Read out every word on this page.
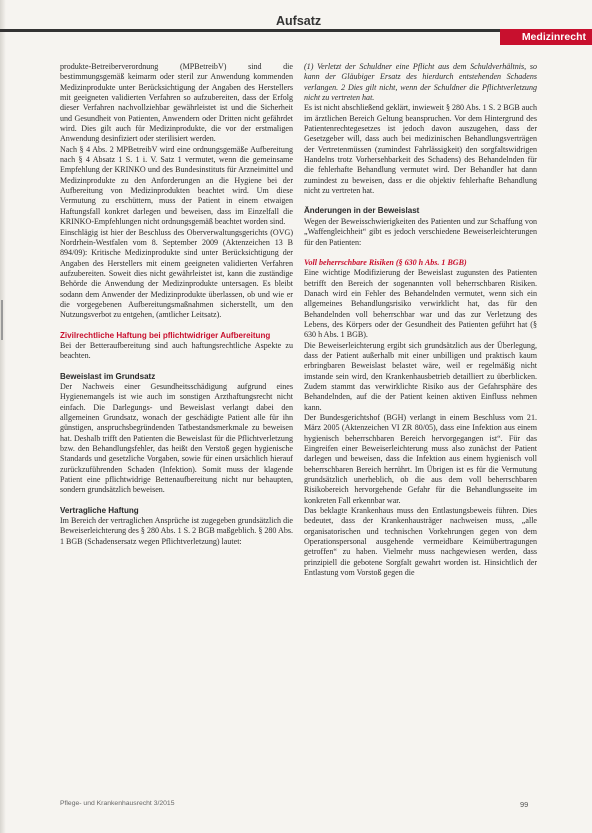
Aufsatz
Medizinrecht

produkte-Betreiberverordnung (MPBetreibV) sind die bestimmungsgemäß keimarm oder steril zur Anwendung kommenden Medizinprodukte unter Berücksichtigung der Angaben des Herstellers mit geeigneten validierten Verfahren so aufzubereiten, dass der Erfolg dieser Verfahren nachvollziehbar gewährleistet ist und die Sicherheit und Gesundheit von Patienten, Anwendern oder Dritten nicht gefährdet wird. Dies gilt auch für Medizinprodukte, die vor der erstmaligen Anwendung desinfiziert oder sterilisiert werden.

Nach § 4 Abs. 2 MPBetreibV wird eine ordnungsgemäße Aufbereitung nach § 4 Absatz 1 S. 1 i. V. Satz 1 vermutet, wenn die gemeinsame Empfehlung der KRINKO und des Bundesinstituts für Arzneimittel und Medizinprodukte zu den Anforderungen an die Hygiene bei der Aufbereitung von Medizinprodukten beachtet wird. Um diese Vermutung zu erschüttern, muss der Patient in einem etwaigen Haftungsfall konkret darlegen und beweisen, dass im Einzelfall die KRINKO-Empfehlungen nicht ordnungsgemäß beachtet worden sind.

Einschlägig ist hier der Beschluss des Oberverwaltungsgerichts (OVG) Nordrhein-Westfalen vom 8. September 2009 (Aktenzeichen 13 B 894/09): Kritische Medizinprodukte sind unter Berücksichtigung der Angaben des Herstellers mit einem geeigneten validierten Verfahren aufzubereiten. Soweit dies nicht gewährleistet ist, kann die zuständige Behörde die Anwendung der Medizinprodukte untersagen. Es bleibt sodann dem Anwender der Medizinprodukte überlassen, ob und wie er die vorgegebenen Aufbereitungsmaßnahmen sicherstellt, um den Nutzungsverbot zu entgehen, (amtlicher Leitsatz).

Zivilrechtliche Haftung bei pflichtwidriger Aufbereitung

Bei der Betteraufbereitung sind auch haftungsrechtliche Aspekte zu beachten.

Beweislast im Grundsatz

Der Nachweis einer Gesundheitsschädigung aufgrund eines Hygienemangels ist wie auch im sonstigen Arzthaftungsrecht nicht einfach. Die Darlegungs- und Beweislast verlangt dabei den allgemeinen Grundsatz, wonach der geschädigte Patient alle für ihn günstigen, anspruchsbegründenden Tatbestandsmerkmale zu beweisen hat. Deshalb trifft den Patienten die Beweislast für die Pflichtverletzung bzw. den Behandlungsfehler, das heißt den Verstoß gegen hygienische Standards und gesetzliche Vorgaben, sowie für einen ursächlich hierauf zurückzuführenden Schaden (Infektion). Somit muss der klagende Patient eine pflichtwidrige Bettenaufbereitung nicht nur behaupten, sondern grundsätzlich beweisen.

Vertragliche Haftung

Im Bereich der vertraglichen Ansprüche ist zugegeben grundsätzlich die Beweiserleichterung des § 280 Abs. 1 S. 2 BGB maßgeblich. § 280 Abs. 1 BGB (Schadensersatz wegen Pflichtverletzung) lautet:

(1) Verletzt der Schuldner eine Pflicht aus dem Schuldverhältnis, so kann der Gläubiger Ersatz des hierdurch entstehenden Schadens verlangen. 2 Dies gilt nicht, wenn der Schuldner die Pflichtverletzung nicht zu vertreten hat.

Es ist nicht abschließend geklärt, inwieweit § 280 Abs. 1 S. 2 BGB auch im ärztlichen Bereich Geltung beanspruchen. Vor dem Hintergrund des Patientenrechtegesetzes ist jedoch davon auszugehen, dass der Gesetzgeber will, dass auch bei medizinischen Behandlungsverträgen der Vertretenmüssen (zumindest Fahrlässigkeit) den sorgfaltswidrigen Handelns trotz Vorhersehbarkeit des Schadens) des Behandelnden für die fehlerhafte Behandlung vermutet wird. Der Behandler hat dann zumindest zu beweisen, dass er die objektiv fehlerhafte Behandlung nicht zu vertreten hat.

Änderungen in der Beweislast

Wegen der Beweisschwierigkeiten des Patienten und zur Schaffung von „Waffengleichheit“ gibt es jedoch verschiedene Beweiserleichterungen für den Patienten:

Voll beherrschbare Risiken (§ 630 h Abs. 1 BGB)

Eine wichtige Modifizierung der Beweislast zugunsten des Patienten betrifft den Bereich der sogenannten voll beherrschbaren Risiken. Danach wird ein Fehler des Behandelnden vermutet, wenn sich ein allgemeines Behandlungsrisiko verwirklicht hat, das für den Behandelnden voll beherrschbar war und das zur Verletzung des Lebens, des Körpers oder der Gesundheit des Patienten geführt hat (§ 630 h Abs. 1 BGB).

Die Beweiserleichterung ergibt sich grundsätzlich aus der Überlegung, dass der Patient außerhalb mit einer unbilligen und praktisch kaum erbringbaren Beweislast belastet wäre, weil er regelmäßig nicht imstande sein wird, den Krankenhausbetrieb detailliert zu überblicken. Zudem stammt das verwirklichte Risiko aus der Gefahrsphäre des Behandelnden, auf die der Patient keinen aktiven Einfluss nehmen kann.

Der Bundesgerichtshof (BGH) verlangt in einem Beschluss vom 21. März 2005 (Aktenzeichen VI ZR 80/05), dass eine Infektion aus einem hygienisch beherrschbaren Bereich hervorgegangen ist“. Für das Eingreifen einer Beweiserleichterung muss also zunächst der Patient darlegen und beweisen, dass die Infektion aus einem hygienisch voll beherrschbaren Bereich herrührt. Im Übrigen ist es für die Vermutung grundsätzlich unerheblich, ob die aus dem voll beherrschbaren Risikobereich hervorgehende Gefahr für die Behandlungsseite im konkreten Fall erkennbar war.

Das beklagte Krankenhaus muss den Entlastungsbeweis führen. Dies bedeutet, dass der Krankenhausträger nachweisen muss, „alle organisatorischen und technischen Vorkehrungen gegen von dem Operationspersonal ausgehende vermeidbare Keimübertragungen getroffen“ zu haben. Vielmehr muss nachgewiesen werden, dass prinzipiell die gebotene Sorgfalt gewahrt worden ist. Hinsichtlich der Entlastung vom Vorstoß gegen die

Pflege- und Krankenhausrecht 3/2015	99
